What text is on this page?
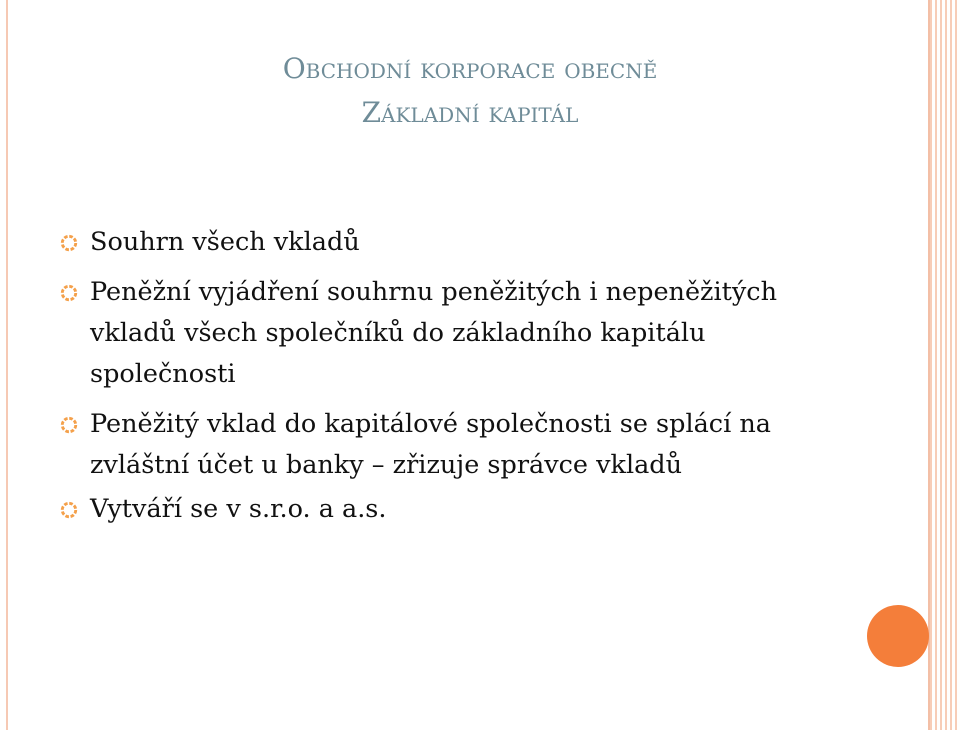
Obchodní korporace obecně
Základní kapitál
Souhrn všech vkladů
Peněžní vyjádření souhrnu peněžitých i nepeněžitých vkladů všech společníků do základního kapitálu společnosti
Peněžitý vklad do kapitálové společnosti se splácí na zvláštní účet u banky – zřizuje správce vkladů
Vytváří se v s.r.o. a a.s.
